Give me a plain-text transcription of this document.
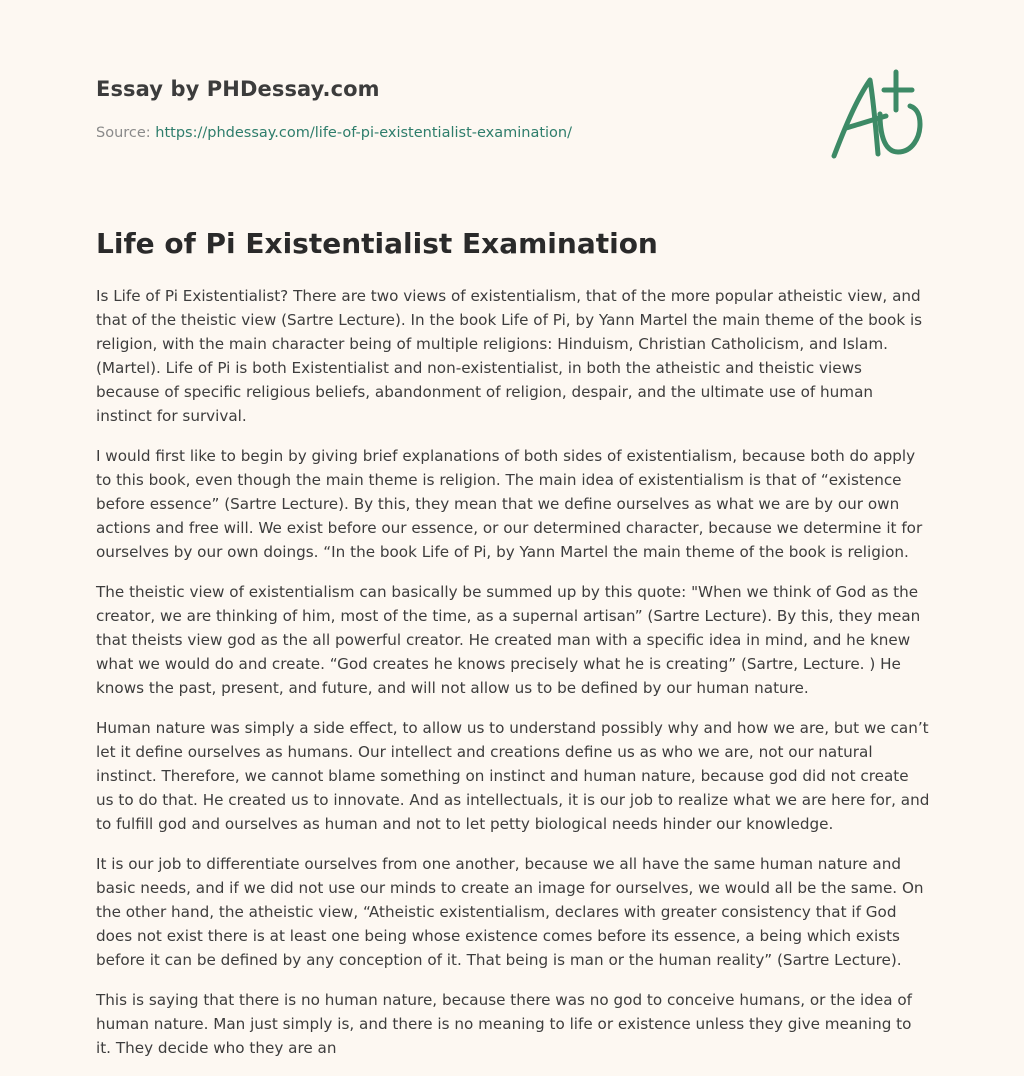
Essay by PHDessay.com
Source: https://phdessay.com/life-of-pi-existentialist-examination/
Life of Pi Existentialist Examination

Is Life of Pi Existentialist? There are two views of existentialism, that of the more popular atheistic view, and that of the theistic view (Sartre Lecture). In the book Life of Pi, by Yann Martel the main theme of the book is religion, with the main character being of multiple religions: Hinduism, Christian Catholicism, and Islam. (Martel). Life of Pi is both Existentialist and non-existentialist, in both the atheistic and theistic views because of specific religious beliefs, abandonment of religion, despair, and the ultimate use of human instinct for survival.

I would first like to begin by giving brief explanations of both sides of existentialism, because both do apply to this book, even though the main theme is religion. The main idea of existentialism is that of “existence before essence” (Sartre Lecture). By this, they mean that we define ourselves as what we are by our own actions and free will. We exist before our essence, or our determined character, because we determine it for ourselves by our own doings. “In the book Life of Pi, by Yann Martel the main theme of the book is religion.

The theistic view of existentialism can basically be summed up by this quote: "When we think of God as the creator, we are thinking of him, most of the time, as a supernal artisan” (Sartre Lecture). By this, they mean that theists view god as the all powerful creator. He created man with a specific idea in mind, and he knew what we would do and create. “God creates he knows precisely what he is creating” (Sartre, Lecture. ) He knows the past, present, and future, and will not allow us to be defined by our human nature.

Human nature was simply a side effect, to allow us to understand possibly why and how we are, but we can’t let it define ourselves as humans. Our intellect and creations define us as who we are, not our natural instinct. Therefore, we cannot blame something on instinct and human nature, because god did not create us to do that. He created us to innovate. And as intellectuals, it is our job to realize what we are here for, and to fulfill god and ourselves as human and not to let petty biological needs hinder our knowledge.

It is our job to differentiate ourselves from one another, because we all have the same human nature and basic needs, and if we did not use our minds to create an image for ourselves, we would all be the same. On the other hand, the atheistic view, “Atheistic existentialism, declares with greater consistency that if God does not exist there is at least one being whose existence comes before its essence, a being which exists before it can be defined by any conception of it. That being is man or the human reality” (Sartre Lecture).

This is saying that there is no human nature, because there was no god to conceive humans, or the idea of human nature. Man just simply is, and there is no meaning to life or existence unless they give meaning to it. They decide who they are an
